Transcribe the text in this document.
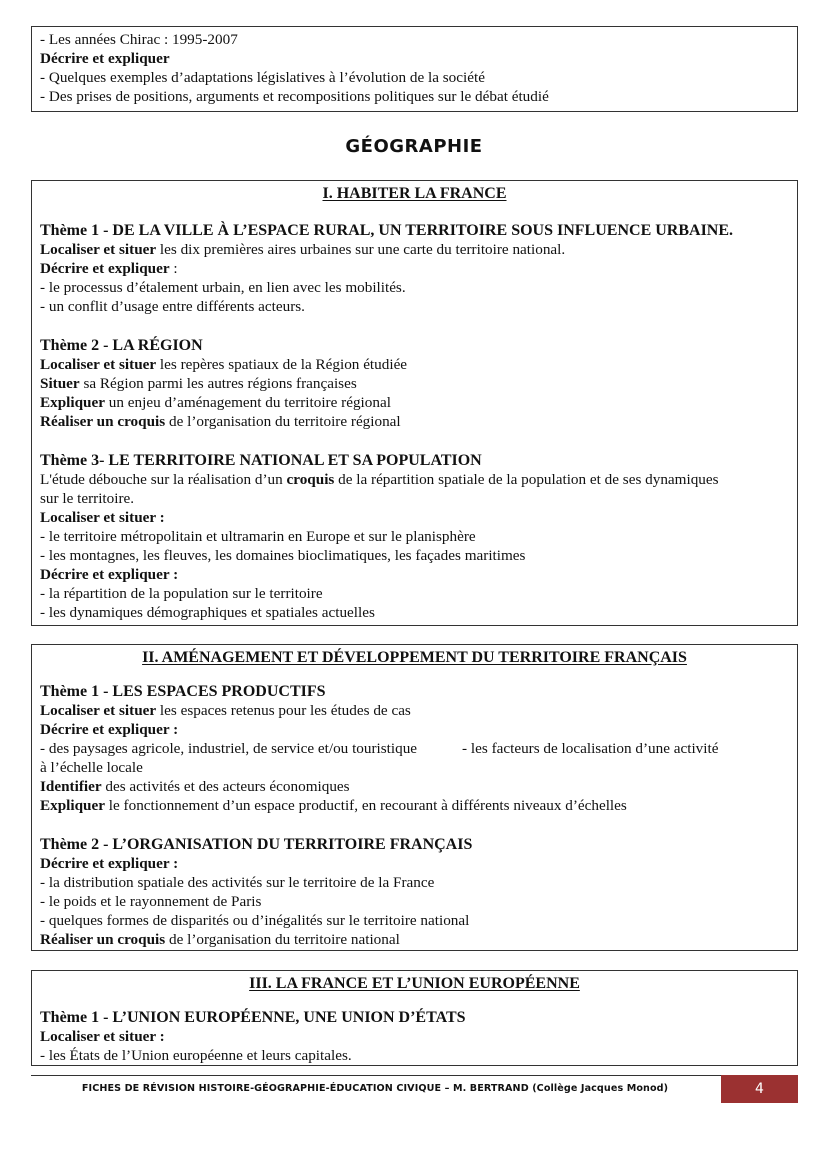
- Les années Chirac : 1995-2007
Décrire et expliquer
- Quelques exemples d’adaptations législatives à l’évolution de la société
- Des prises de positions, arguments et recompositions politiques sur le débat étudié
GÉOGRAPHIE
I. HABITER LA FRANCE
Thème 1 - DE LA VILLE À L’ESPACE RURAL, UN TERRITOIRE SOUS INFLUENCE URBAINE.
Localiser et situer les dix premières aires urbaines sur une carte du territoire national.
Décrire et expliquer :
- le processus d’étalement urbain, en lien avec les mobilités.
- un conflit d’usage entre différents acteurs.
Thème 2 - LA RÉGION
Localiser et situer les repères spatiaux de la Région étudiée
Situer sa Région parmi les autres régions françaises
Expliquer un enjeu d’aménagement du territoire régional
Réaliser un croquis de l’organisation du territoire régional
Thème 3- LE TERRITOIRE NATIONAL ET SA POPULATION
L'étude débouche sur la réalisation d’un croquis de la répartition spatiale de la population et de ses dynamiques
sur le territoire.
Localiser et situer :
- le territoire métropolitain et ultramarin en Europe et sur le planisphère
- les montagnes, les fleuves, les domaines bioclimatiques, les façades maritimes
Décrire et expliquer :
- la répartition de la population sur le territoire
- les dynamiques démographiques et spatiales actuelles
II. AMÉNAGEMENT ET DÉVELOPPEMENT DU TERRITOIRE FRANÇAIS
Thème 1 - LES ESPACES PRODUCTIFS
Localiser et situer les espaces retenus pour les études de cas
Décrire et expliquer :
- des paysages agricole, industriel, de service et/ou touristique	- les facteurs de localisation d’une activité
à l’échelle locale
Identifier des activités et des acteurs économiques
Expliquer le fonctionnement d’un espace productif, en recourant à différents niveaux d’échelles
Thème 2 - L’ORGANISATION DU TERRITOIRE FRANÇAIS
Décrire et expliquer :
- la distribution spatiale des activités sur le territoire de la France
- le poids et le rayonnement de Paris
- quelques formes de disparités ou d’inégalités sur le territoire national
Réaliser un croquis de l’organisation du territoire national
III. LA FRANCE ET L’UNION EUROPÉENNE
Thème 1 - L’UNION EUROPÉENNE, UNE UNION D’ÉTATS
Localiser et situer :
- les États de l’Union européenne et leurs capitales.
FICHES DE RÉVISION HISTOIRE-GÉOGRAPHIE-ÉDUCATION CIVIQUE – M. BERTRAND (Collège Jacques Monod)	4
